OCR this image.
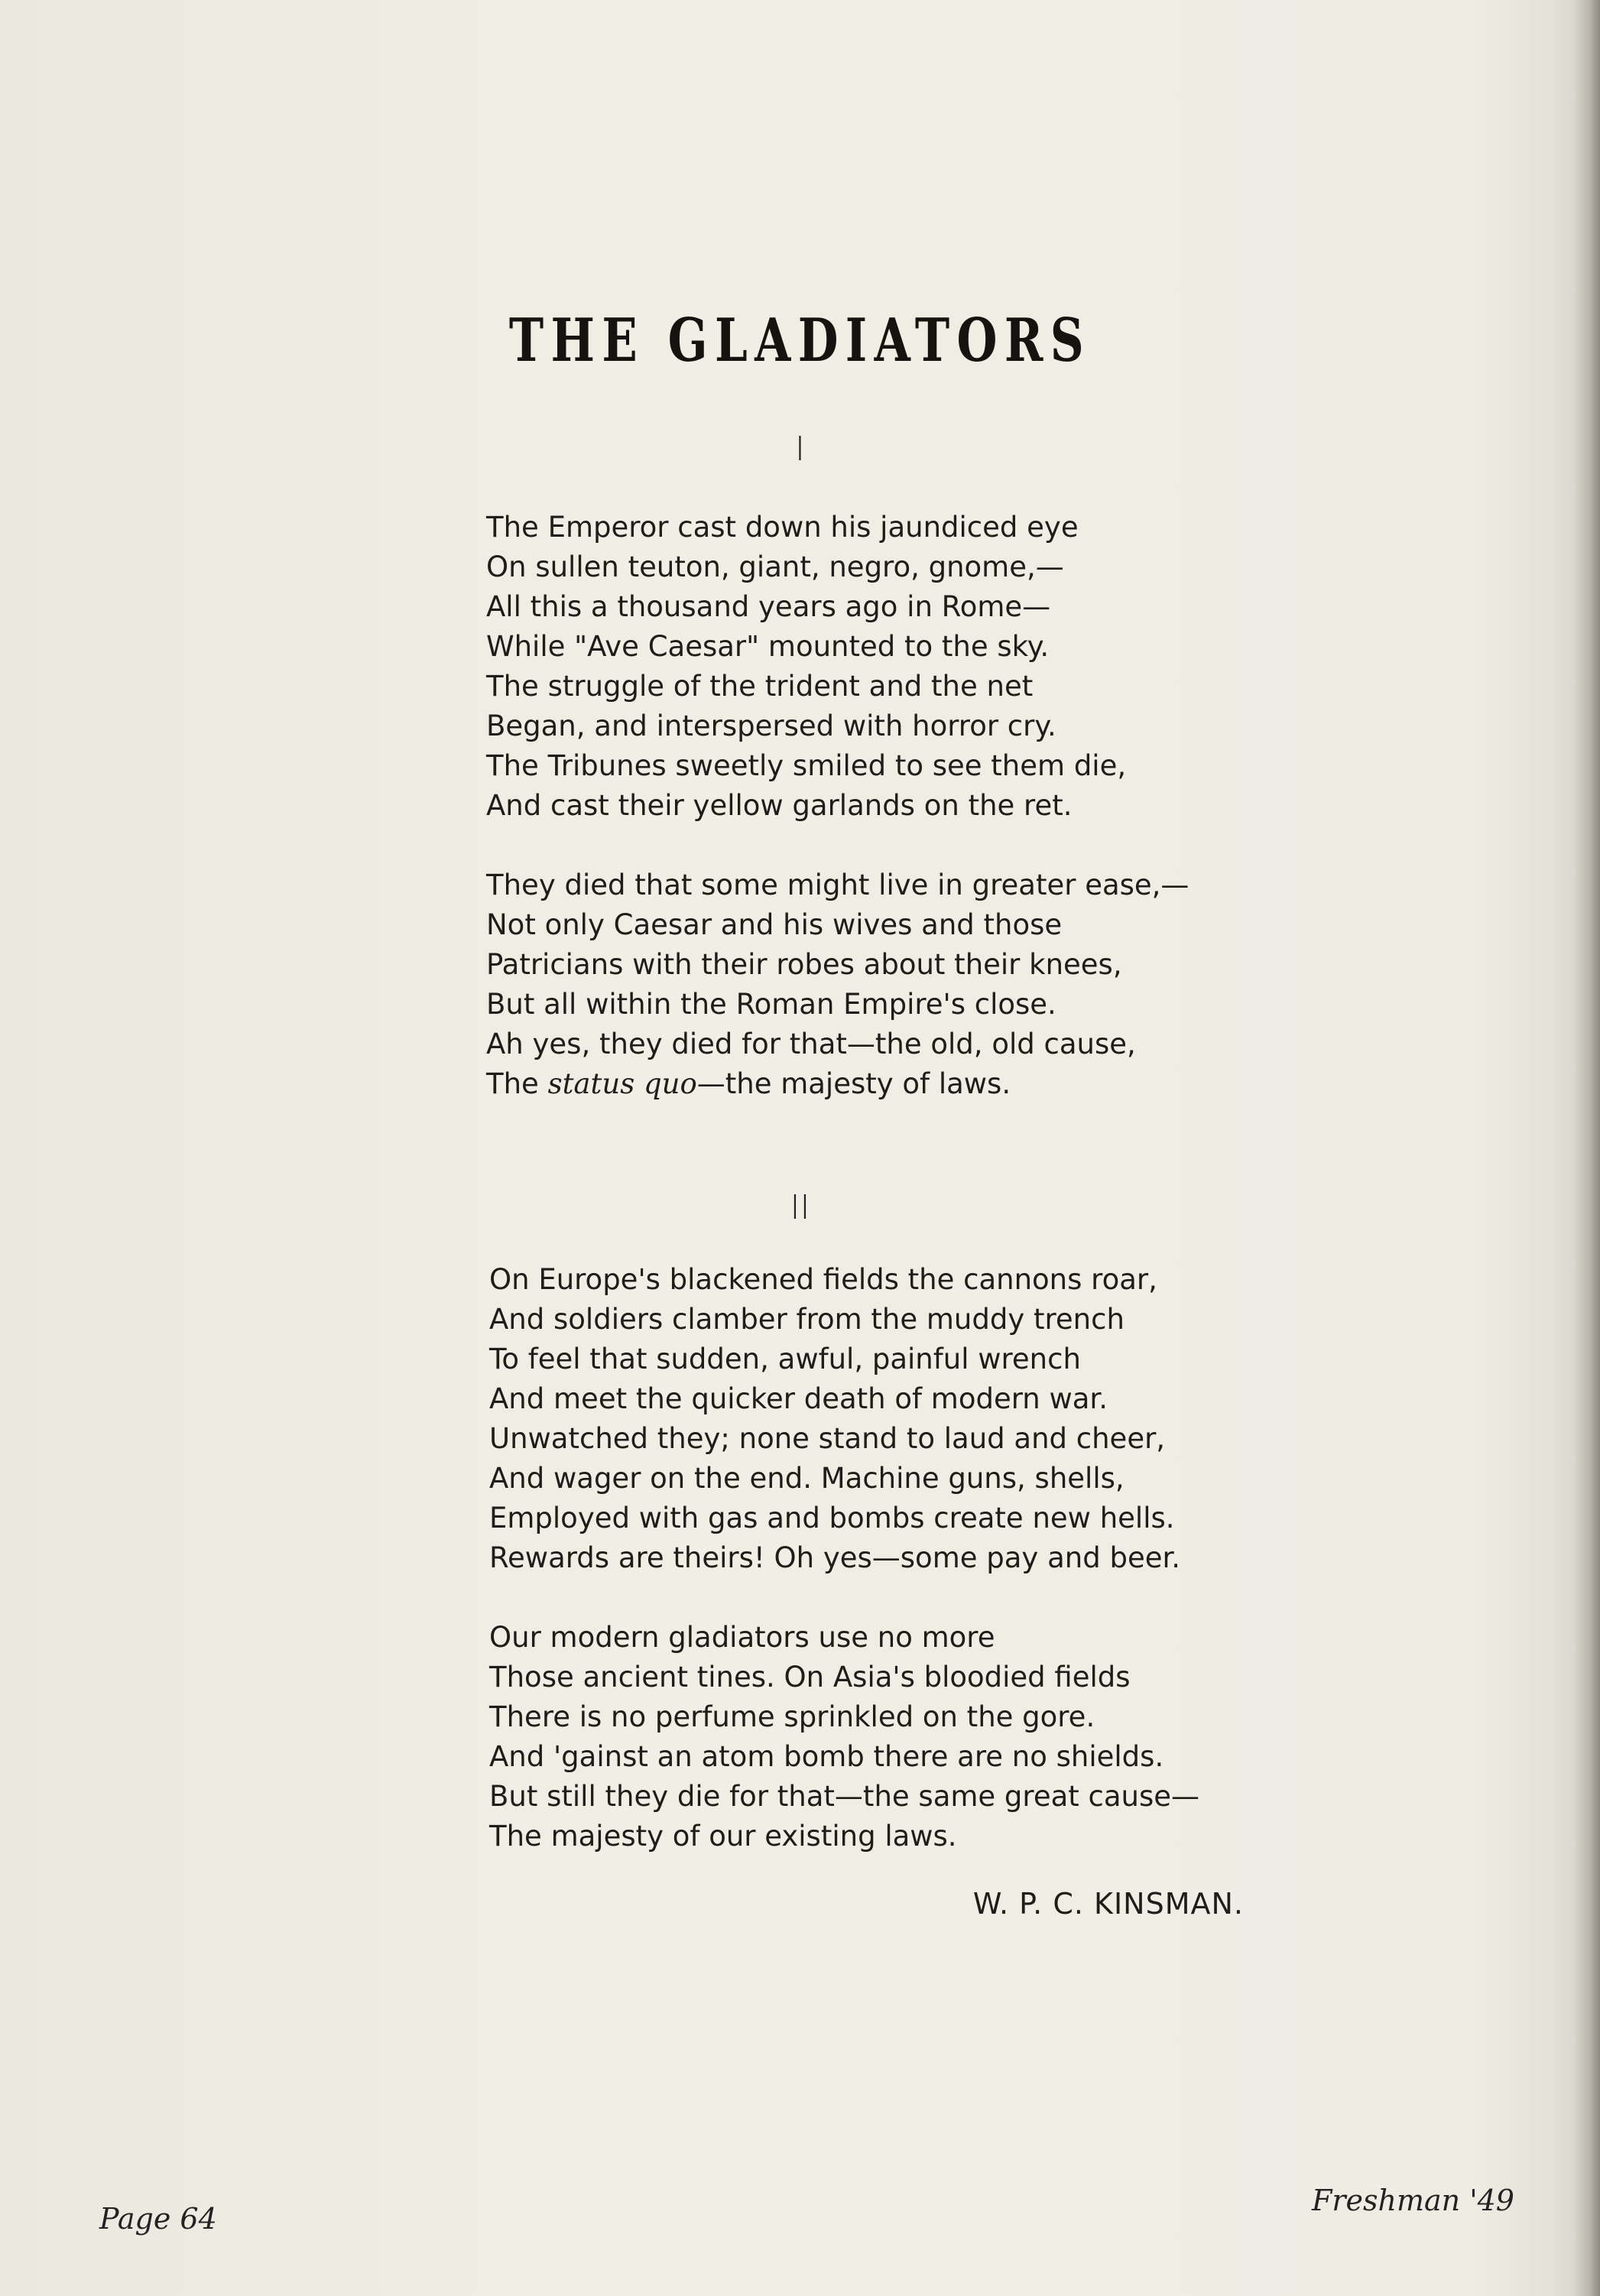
THE GLADIATORS
I
The Emperor cast down his jaundiced eye
On sullen teuton, giant, negro, gnome,—
All this a thousand years ago in Rome—
While "Ave Caesar" mounted to the sky.
The struggle of the trident and the net
Began, and interspersed with horror cry.
The Tribunes sweetly smiled to see them die,
And cast their yellow garlands on the ret.
They died that some might live in greater ease,—
Not only Caesar and his wives and those
Patricians with their robes about their knees,
But all within the Roman Empire's close.
Ah yes, they died for that—the old, old cause,
The status quo—the majesty of laws.
II
On Europe's blackened fields the cannons roar,
And soldiers clamber from the muddy trench
To feel that sudden, awful, painful wrench
And meet the quicker death of modern war.
Unwatched they; none stand to laud and cheer,
And wager on the end. Machine guns, shells,
Employed with gas and bombs create new hells.
Rewards are theirs! Oh yes—some pay and beer.
Our modern gladiators use no more
Those ancient tines. On Asia's bloodied fields
There is no perfume sprinkled on the gore.
And 'gainst an atom bomb there are no shields.
But still they die for that—the same great cause—
The majesty of our existing laws.
W. P. C. KINSMAN.
Page 64
Freshman '49
